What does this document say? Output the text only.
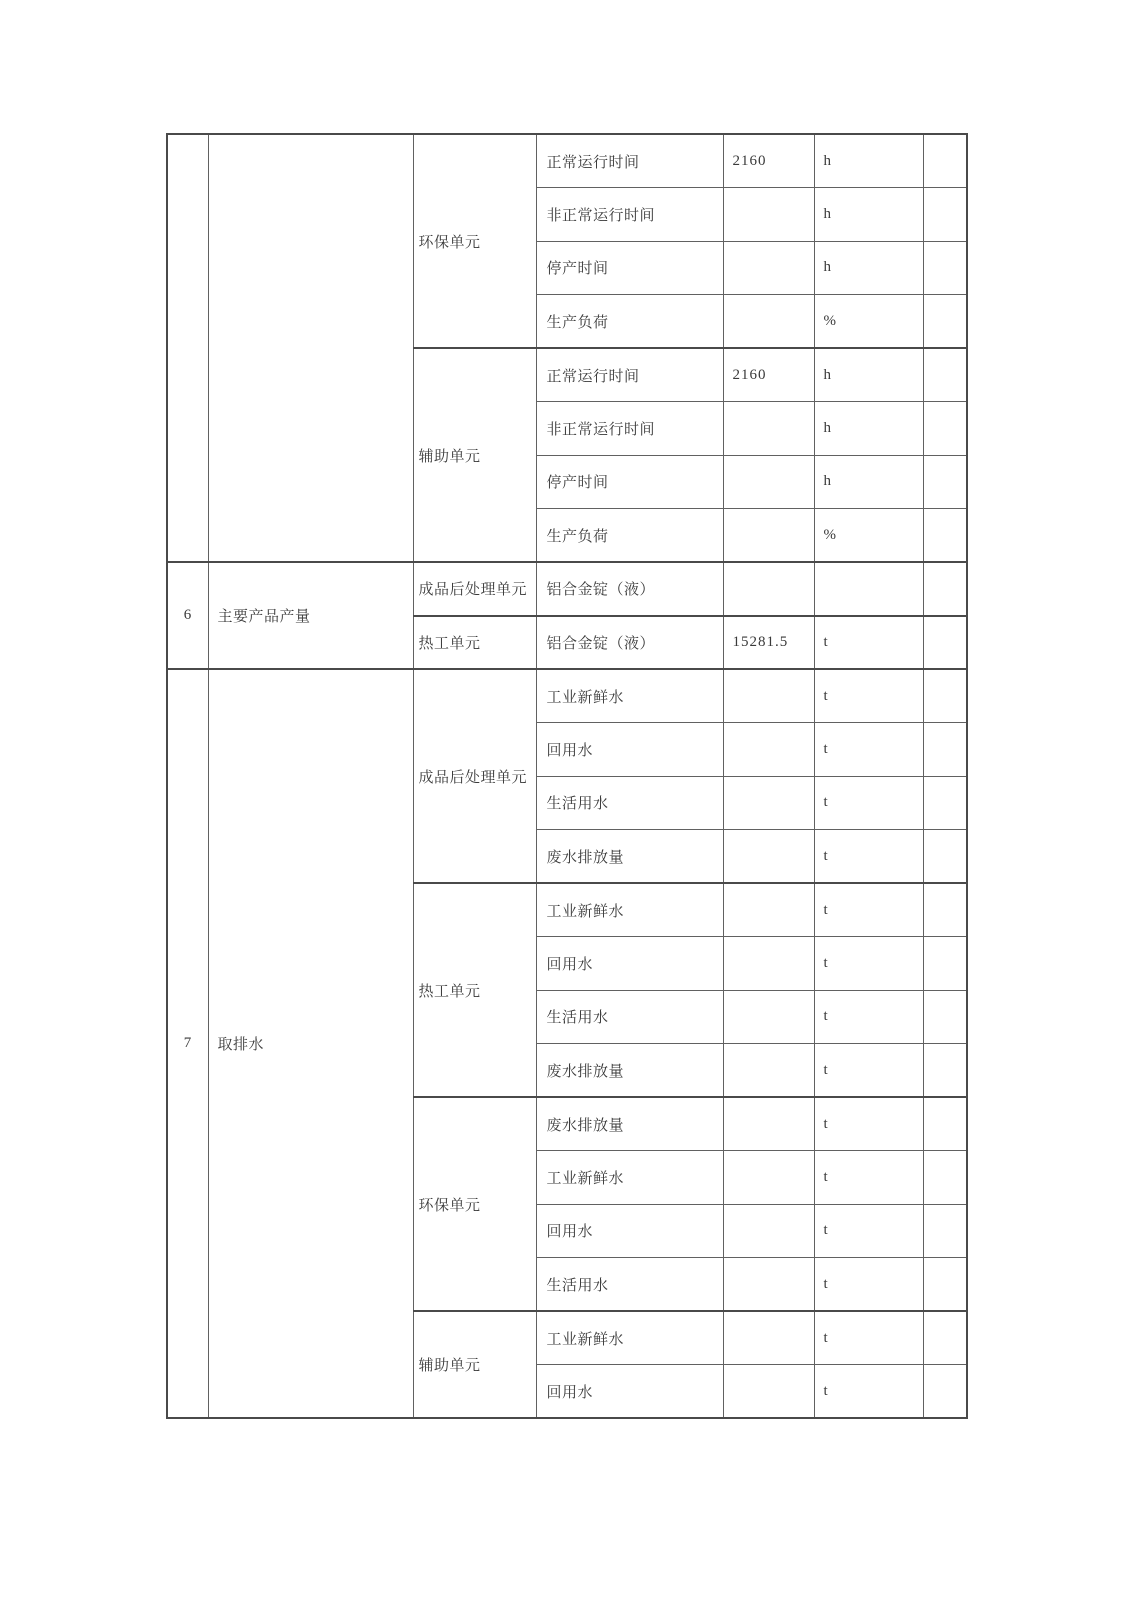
		环保单元	正常运行时间	2160	h	
			非正常运行时间		h	
			停产时间		h	
			生产负荷		%	
		辅助单元	正常运行时间	2160	h	
			非正常运行时间		h	
			停产时间		h	
			生产负荷		%	
6	主要产品产量	成品后处理单元	铝合金锭（液）			
		热工单元	铝合金锭（液）	15281.5	t	
7	取排水	成品后处理单元	工业新鲜水		t	
			回用水		t	
			生活用水		t	
			废水排放量		t	
		热工单元	工业新鲜水		t	
			回用水		t	
			生活用水		t	
			废水排放量		t	
		环保单元	废水排放量		t	
			工业新鲜水		t	
			回用水		t	
			生活用水		t	
		辅助单元	工业新鲜水		t	
			回用水		t	
